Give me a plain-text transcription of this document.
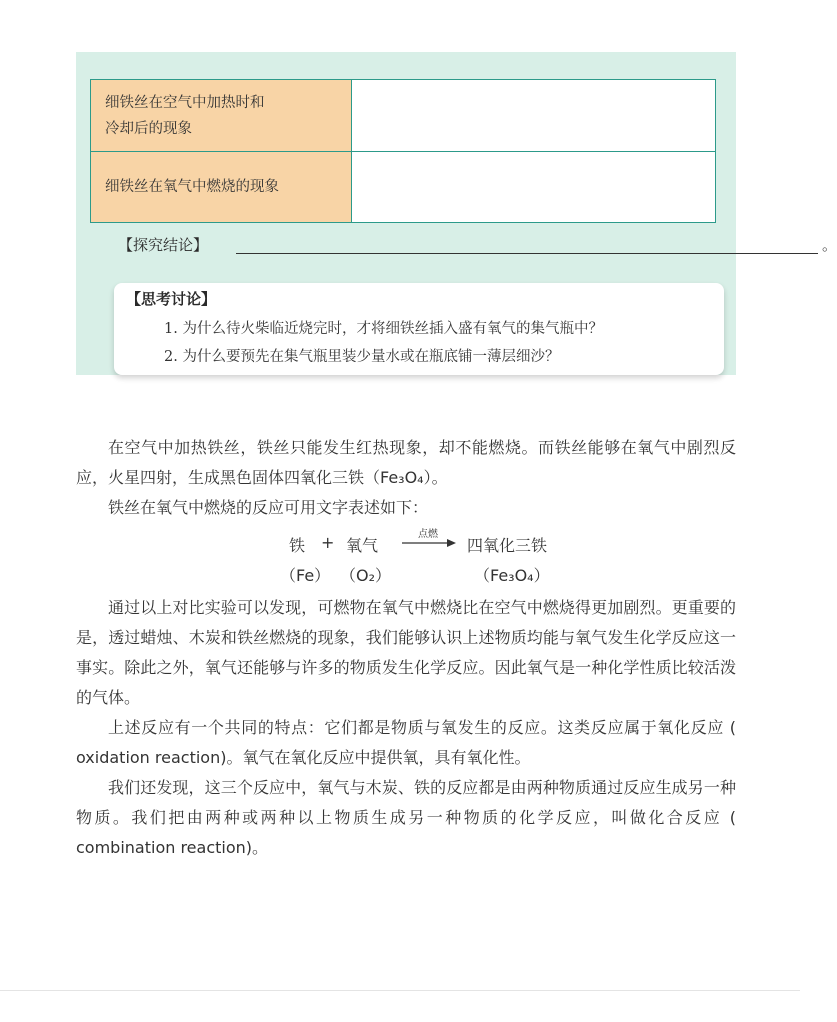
细铁丝在空气中加热时和
冷却后的现象	

细铁丝在氧气中燃烧的现象	

【探究结论】	。
【思考讨论】
1. 为什么待火柴临近烧完时，才将细铁丝插入盛有氧气的集气瓶中？
2. 为什么要预先在集气瓶里装少量水或在瓶底铺一薄层细沙？

在空气中加热铁丝，铁丝只能发生红热现象，却不能燃烧。而铁丝能够在氧气中剧烈反应，火星四射，生成黑色固体四氧化三铁（Fe₃O₄）。

铁丝在氧气中燃烧的反应可用文字表述如下：

铁 + 氧气
点燃
四氧化三铁
（Fe） （O₂）	（Fe₃O₄）

通过以上对比实验可以发现，可燃物在氧气中燃烧比在空气中燃烧得更加剧烈。更重要的是，透过蜡烛、木炭和铁丝燃烧的现象，我们能够认识上述物质均能与氧气发生化学反应这一事实。除此之外，氧气还能够与许多的物质发生化学反应。因此氧气是一种化学性质比较活泼的气体。

上述反应有一个共同的特点：它们都是物质与氧发生的反应。这类反应属于氧化反应 ( oxidation reaction)。氧气在氧化反应中提供氧，具有氧化性。

我们还发现，这三个反应中，氧气与木炭、铁的反应都是由两种物质通过反应生成另一种物质。我们把由两种或两种以上物质生成另一种物质的化学反应，叫做化合反应 ( combination reaction)。
